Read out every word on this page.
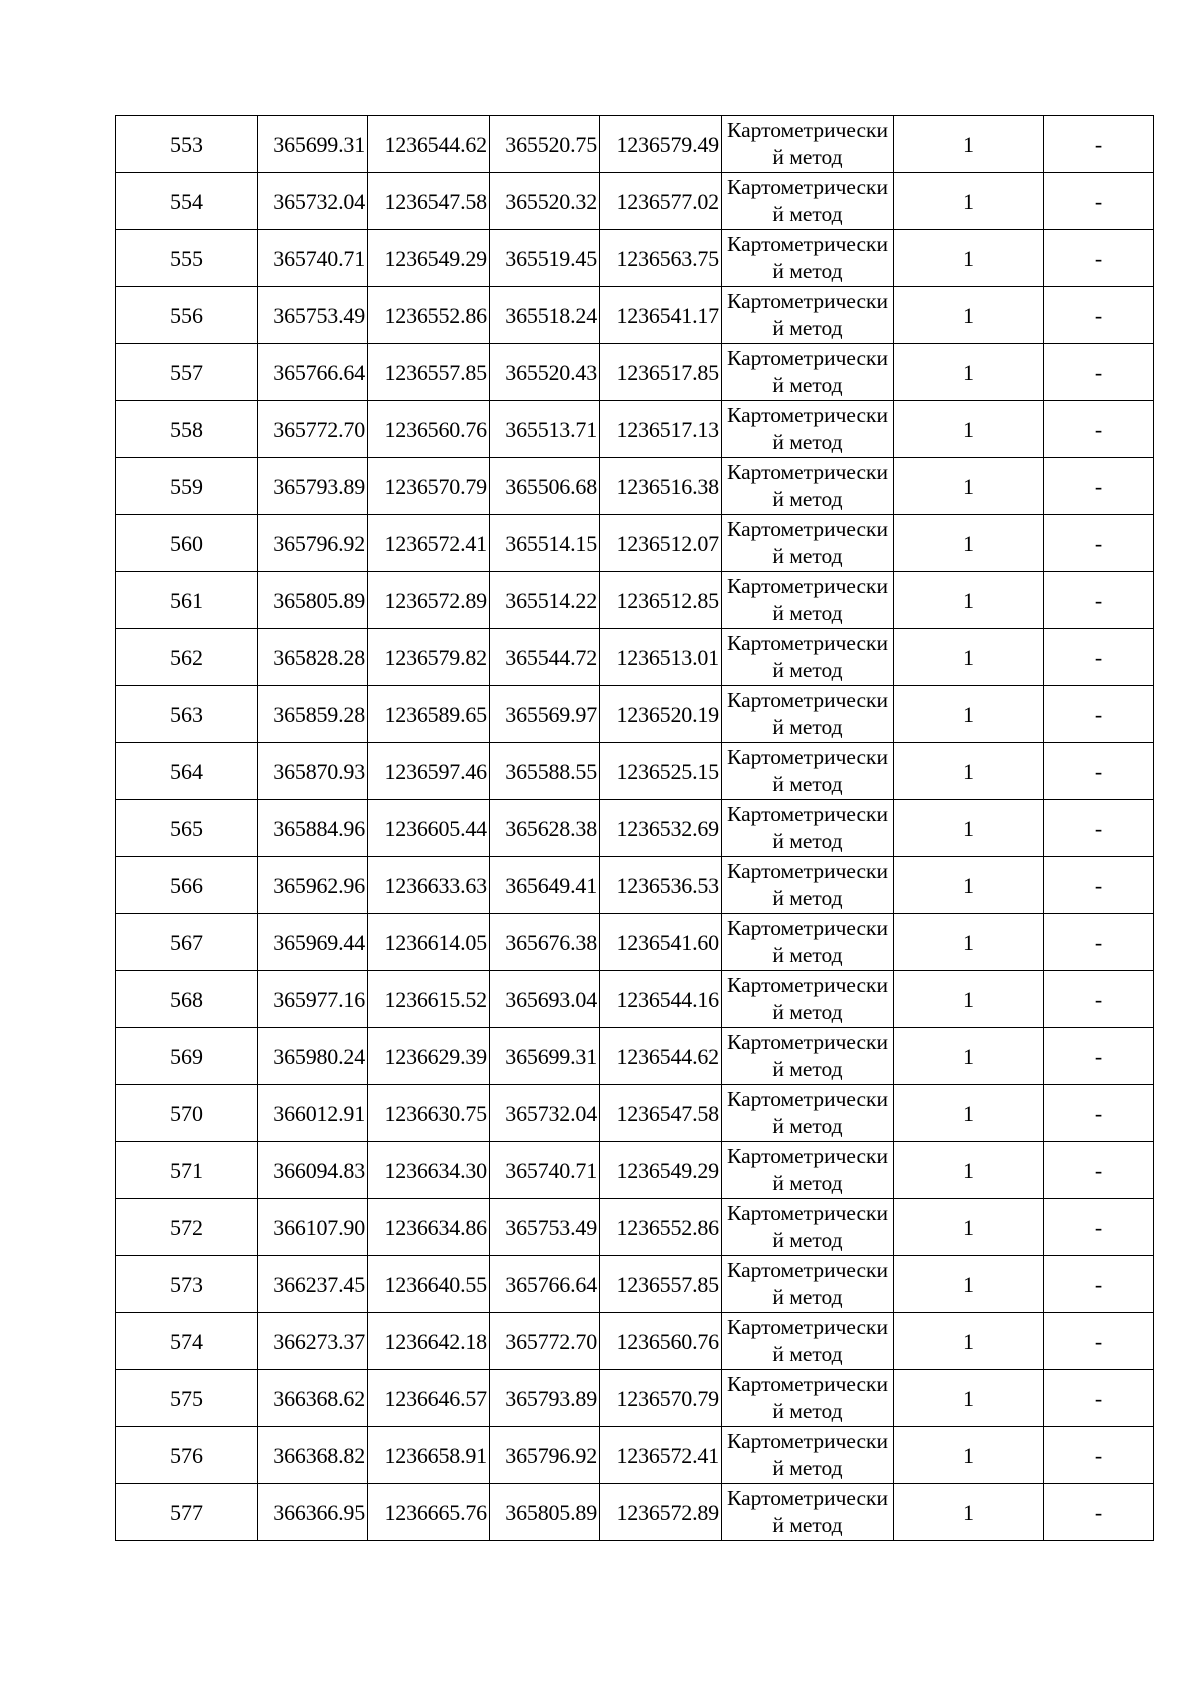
553	365699.31	1236544.62	365520.75	1236579.49	Картометрический метод	1	-
554	365732.04	1236547.58	365520.32	1236577.02	Картометрический метод	1	-
555	365740.71	1236549.29	365519.45	1236563.75	Картометрический метод	1	-
556	365753.49	1236552.86	365518.24	1236541.17	Картометрический метод	1	-
557	365766.64	1236557.85	365520.43	1236517.85	Картометрический метод	1	-
558	365772.70	1236560.76	365513.71	1236517.13	Картометрический метод	1	-
559	365793.89	1236570.79	365506.68	1236516.38	Картометрический метод	1	-
560	365796.92	1236572.41	365514.15	1236512.07	Картометрический метод	1	-
561	365805.89	1236572.89	365514.22	1236512.85	Картометрический метод	1	-
562	365828.28	1236579.82	365544.72	1236513.01	Картометрический метод	1	-
563	365859.28	1236589.65	365569.97	1236520.19	Картометрический метод	1	-
564	365870.93	1236597.46	365588.55	1236525.15	Картометрический метод	1	-
565	365884.96	1236605.44	365628.38	1236532.69	Картометрический метод	1	-
566	365962.96	1236633.63	365649.41	1236536.53	Картометрический метод	1	-
567	365969.44	1236614.05	365676.38	1236541.60	Картометрический метод	1	-
568	365977.16	1236615.52	365693.04	1236544.16	Картометрический метод	1	-
569	365980.24	1236629.39	365699.31	1236544.62	Картометрический метод	1	-
570	366012.91	1236630.75	365732.04	1236547.58	Картометрический метод	1	-
571	366094.83	1236634.30	365740.71	1236549.29	Картометрический метод	1	-
572	366107.90	1236634.86	365753.49	1236552.86	Картометрический метод	1	-
573	366237.45	1236640.55	365766.64	1236557.85	Картометрический метод	1	-
574	366273.37	1236642.18	365772.70	1236560.76	Картометрический метод	1	-
575	366368.62	1236646.57	365793.89	1236570.79	Картометрический метод	1	-
576	366368.82	1236658.91	365796.92	1236572.41	Картометрический метод	1	-
577	366366.95	1236665.76	365805.89	1236572.89	Картометрический метод	1	-
